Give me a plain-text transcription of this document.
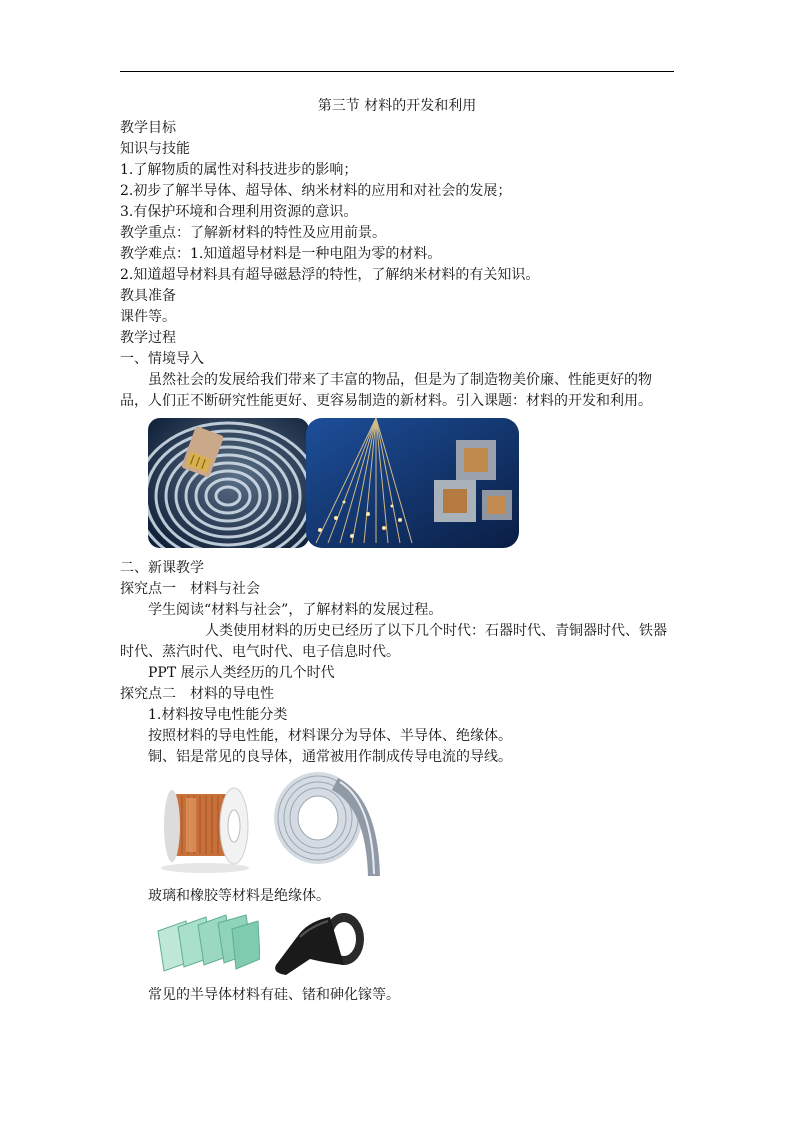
第三节 材料的开发和利用
教学目标
知识与技能
1.了解物质的属性对科技进步的影响；
2.初步了解半导体、超导体、纳米材料的应用和对社会的发展；
3.有保护环境和合理利用资源的意识。
教学重点：了解新材料的特性及应用前景。
教学难点：1.知道超导材料是一种电阻为零的材料。
2.知道超导材料具有超导磁悬浮的特性，了解纳米材料的有关知识。
教具准备
课件等。
教学过程
一、情境导入
虽然社会的发展给我们带来了丰富的物品，但是为了制造物美价廉、性能更好的物品，人们正不断研究性能更好、更容易制造的新材料。引入课题：材料的开发和利用。
二、新课教学
探究点一　材料与社会
学生阅读“材料与社会”，了解材料的发展过程。
人类使用材料的历史已经历了以下几个时代：石器时代、青铜器时代、铁器时代、蒸汽时代、电气时代、电子信息时代。
PPT 展示人类经历的几个时代
探究点二　材料的导电性
1.材料按导电性能分类
按照材料的导电性能，材料课分为导体、半导体、绝缘体。
铜、铝是常见的良导体，通常被用作制成传导电流的导线。
玻璃和橡胶等材料是绝缘体。
常见的半导体材料有硅、锗和砷化镓等。
